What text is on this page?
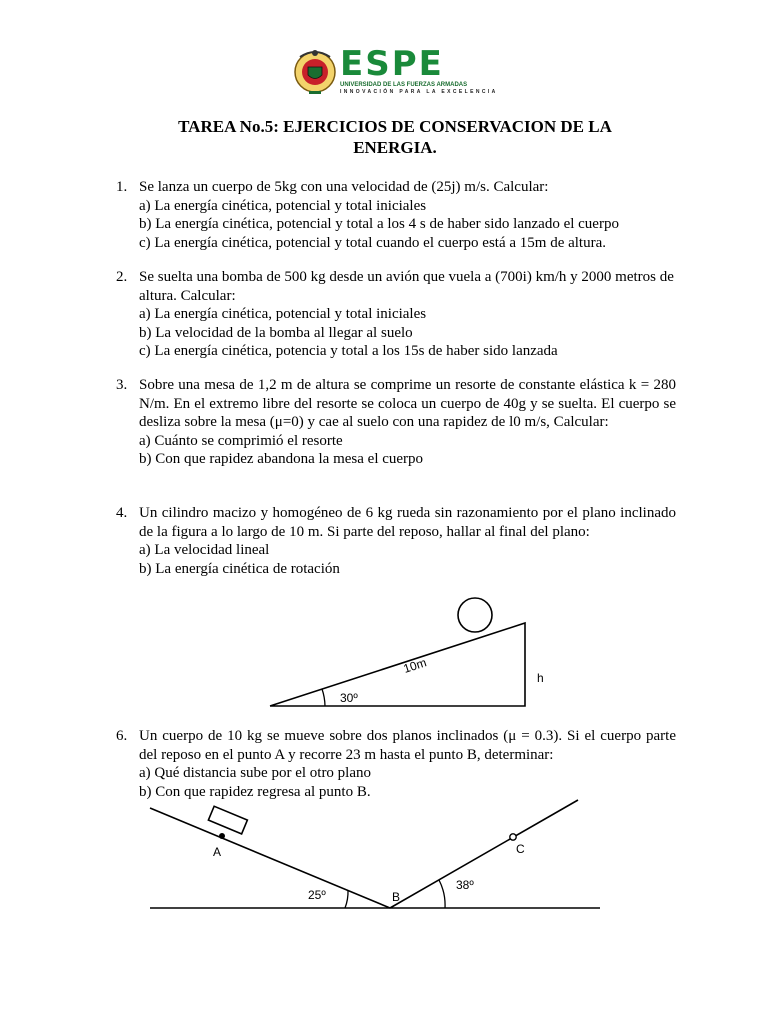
ESPE
UNIVERSIDAD DE LAS FUERZAS ARMADAS
INNOVACIÓN PARA LA EXCELENCIA
TAREA No.5: EJERCICIOS DE CONSERVACION DE LA ENERGIA.
1. Se lanza un cuerpo de 5kg con una velocidad de (25j) m/s. Calcular:

a) La energía cinética, potencial y total iniciales

b) La energía cinética, potencial y total a los 4 s de haber sido lanzado el cuerpo

c) La energía cinética, potencial y total cuando el cuerpo está a 15m de altura.

2. Se suelta una bomba de 500 kg desde un avión que vuela a (700i) km/h y 2000 metros de altura. Calcular:

a) La energía cinética, potencial y total iniciales

b) La velocidad de la bomba al llegar al suelo

c) La energía cinética, potencia y total a los 15s de haber sido lanzada

3. Sobre una mesa de 1,2 m de altura se comprime un resorte de constante elástica k = 280 N/m. En el extremo libre del resorte se coloca un cuerpo de 40g y se suelta. El cuerpo se desliza sobre la mesa (μ=0) y cae al suelo con una rapidez de l0 m/s, Calcular:

a) Cuánto se comprimió el resorte

b) Con que rapidez abandona la mesa el cuerpo

4. Un cilindro macizo y homogéneo de 6 kg rueda sin razonamiento por el plano inclinado de la figura a lo largo de 10 m. Si parte del reposo, hallar al final del plano:

a) La velocidad lineal

b) La energía cinética de rotación

30º
10m
h
6. Un cuerpo de 10 kg se mueve sobre dos planos inclinados (μ = 0.3). Si el cuerpo parte del reposo en el punto A y recorre 23 m hasta el punto B, determinar:

a) Qué distancia sube por el otro plano

b) Con que rapidez regresa al punto B.

A
B
C
25º
38º
